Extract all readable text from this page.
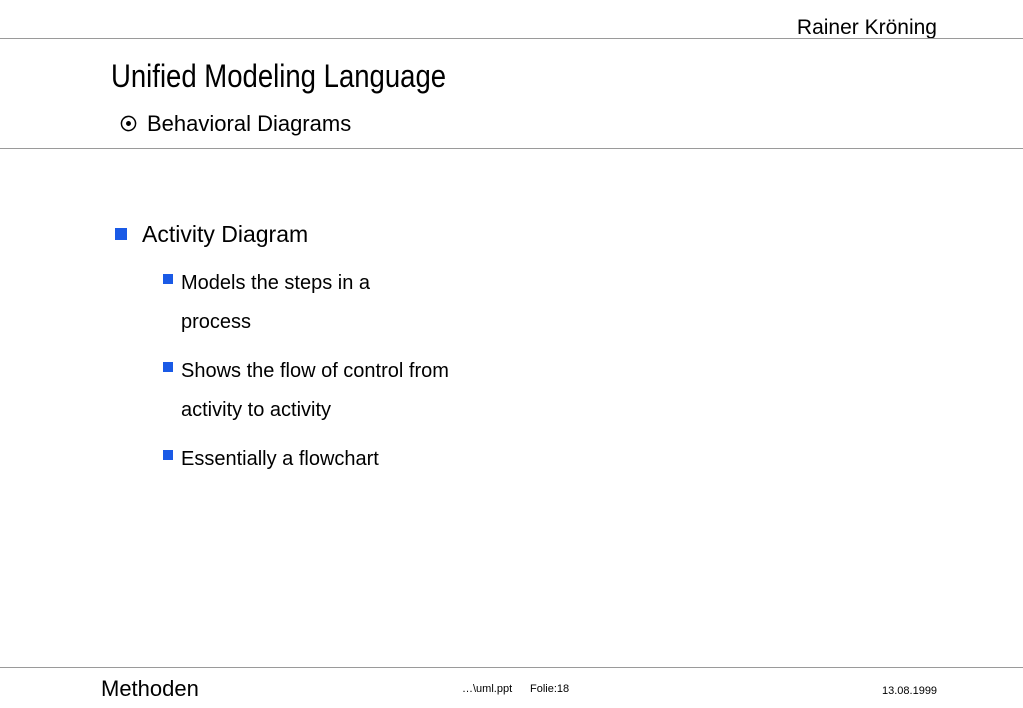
Rainer Kröning
Unified Modeling Language
Behavioral Diagrams
Activity Diagram
Models the steps in a process
Shows the flow of control from activity to activity
Essentially a flowchart
Methoden	…\uml.ppt Folie:18	13.08.1999
